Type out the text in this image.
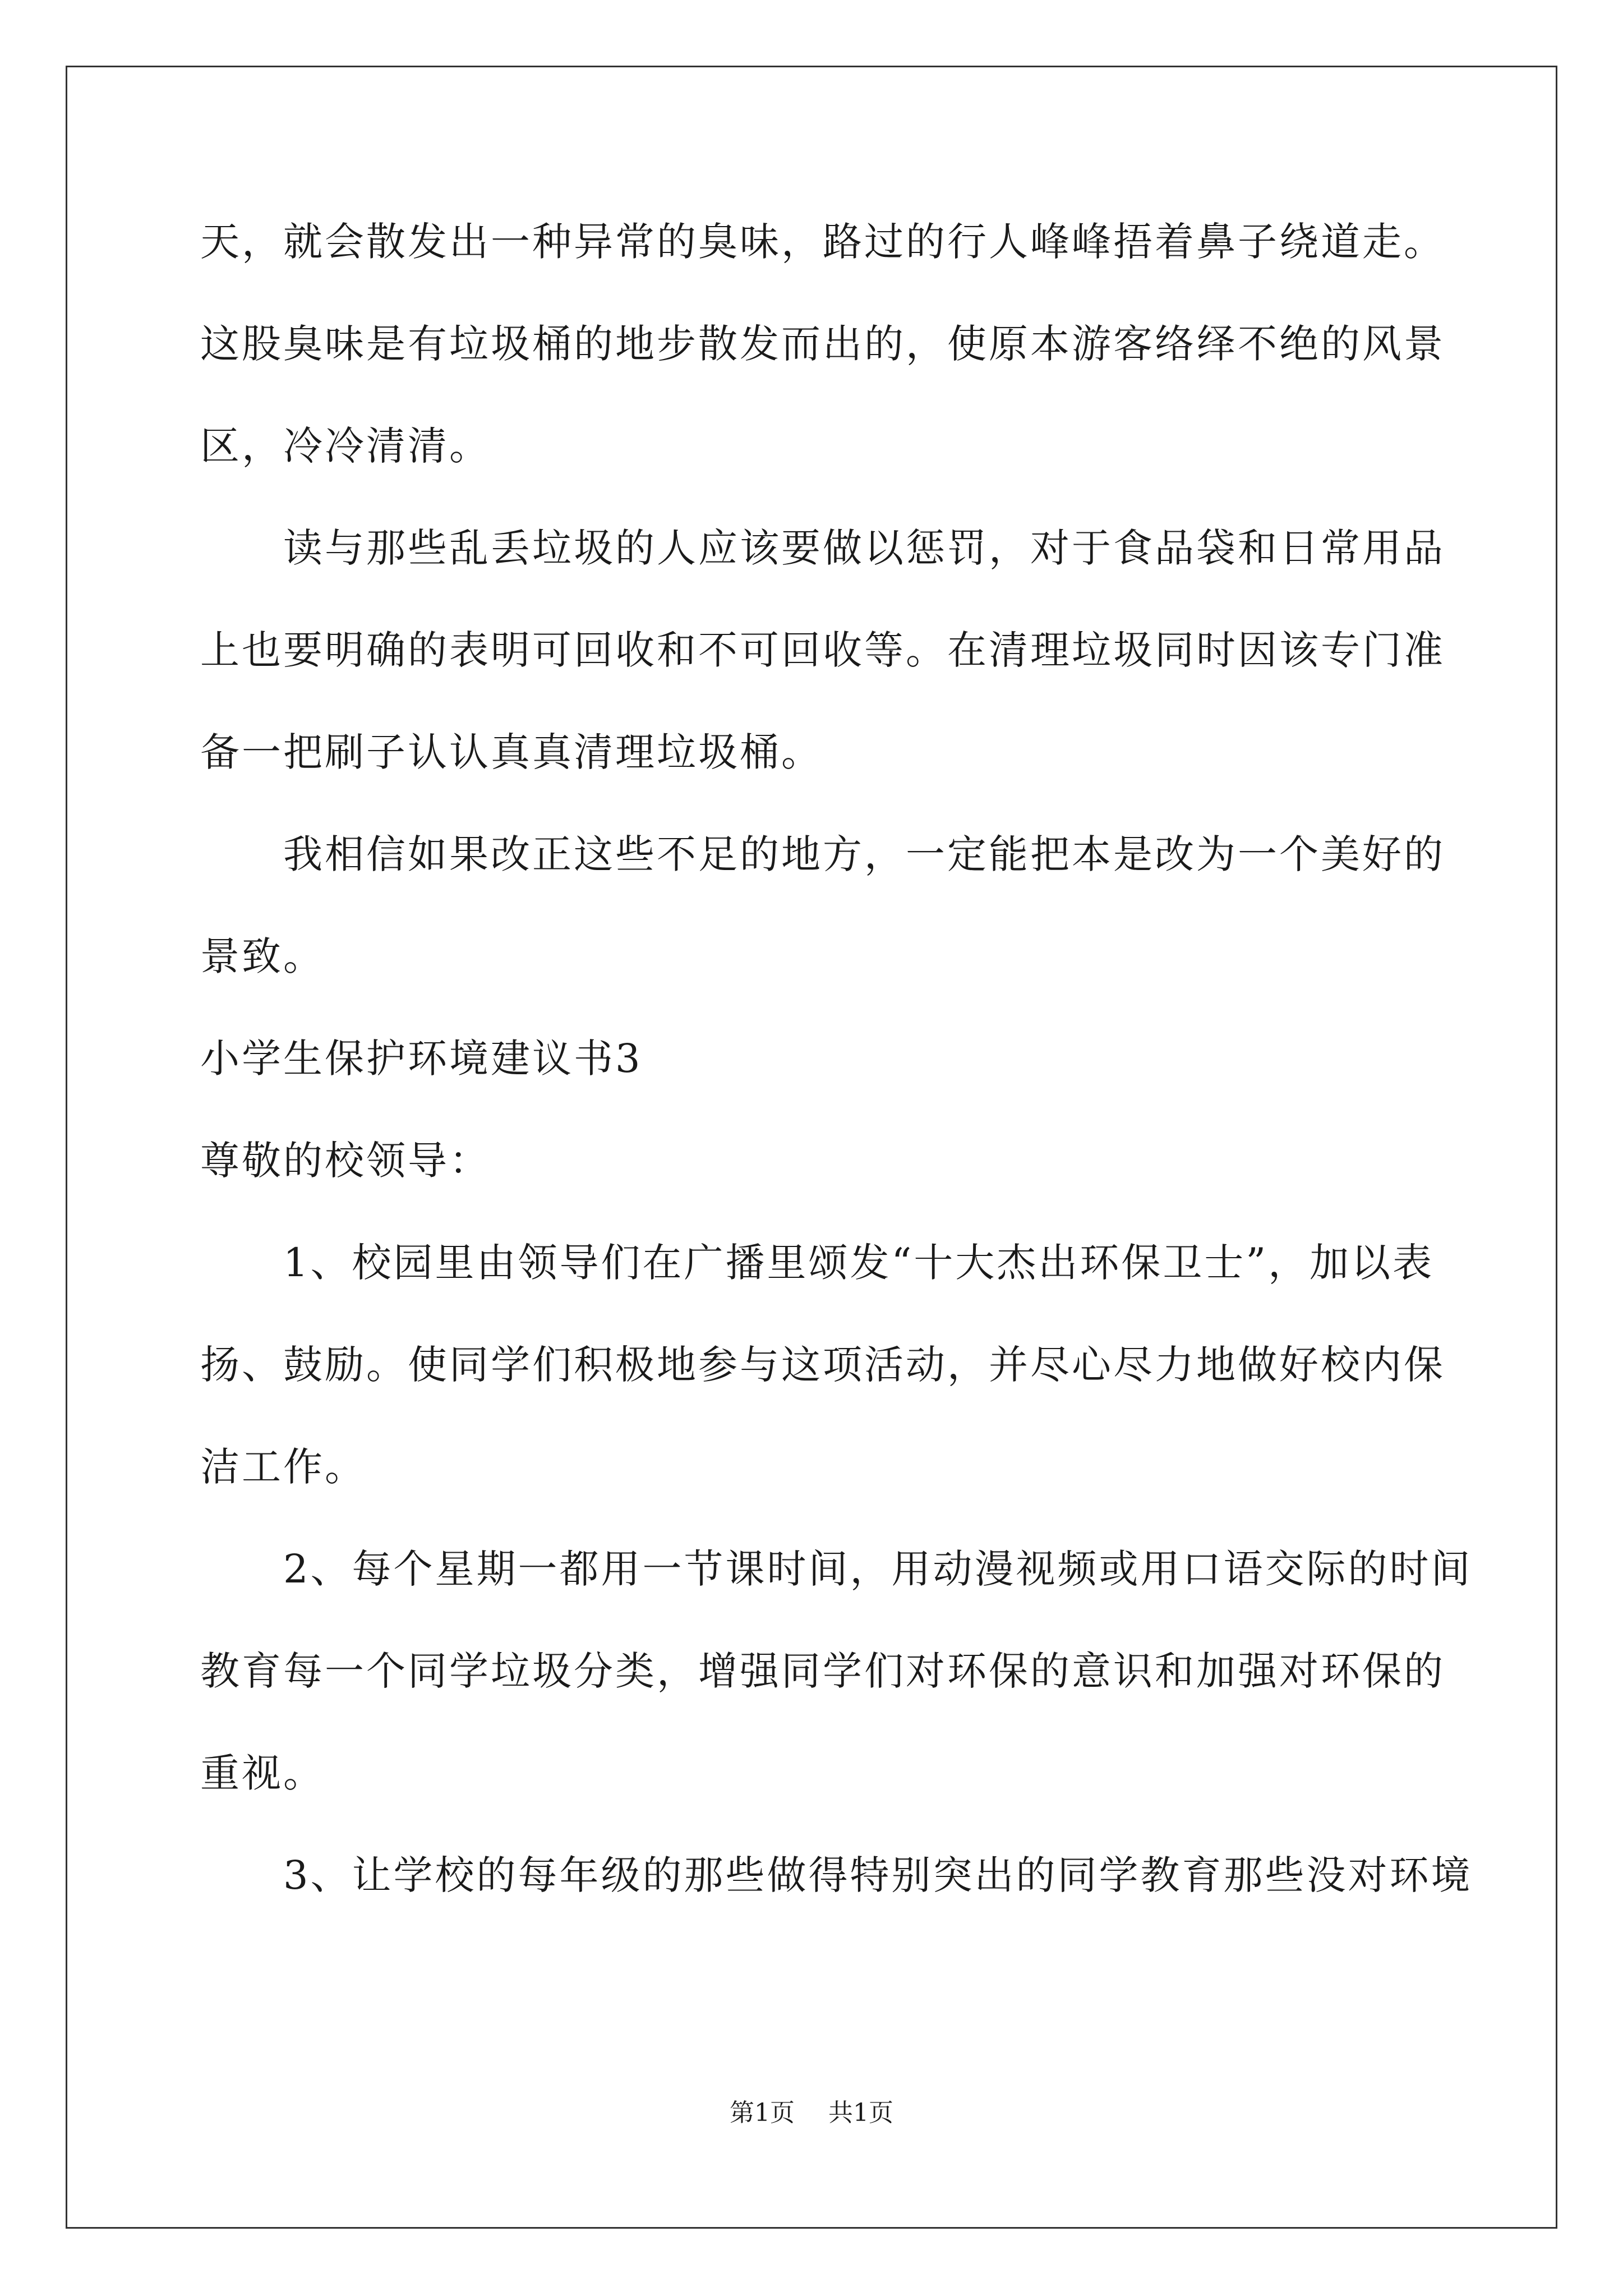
天，就会散发出一种异常的臭味，路过的行人峰峰捂着鼻子绕道走。
这股臭味是有垃圾桶的地步散发而出的，使原本游客络绎不绝的风景
区，冷冷清清。
读与那些乱丢垃圾的人应该要做以惩罚，对于食品袋和日常用品
上也要明确的表明可回收和不可回收等。在清理垃圾同时因该专门准
备一把刷子认认真真清理垃圾桶。
我相信如果改正这些不足的地方，一定能把本是改为一个美好的
景致。
小学生保护环境建议书3
尊敬的校领导：
1、校园里由领导们在广播里颂发“十大杰出环保卫士”，加以表
扬、鼓励。使同学们积极地参与这项活动，并尽心尽力地做好校内保
洁工作。
2、每个星期一都用一节课时间，用动漫视频或用口语交际的时间
教育每一个同学垃圾分类，增强同学们对环保的意识和加强对环保的
重视。
3、让学校的每年级的那些做得特别突出的同学教育那些没对环境
第1页 共1页
